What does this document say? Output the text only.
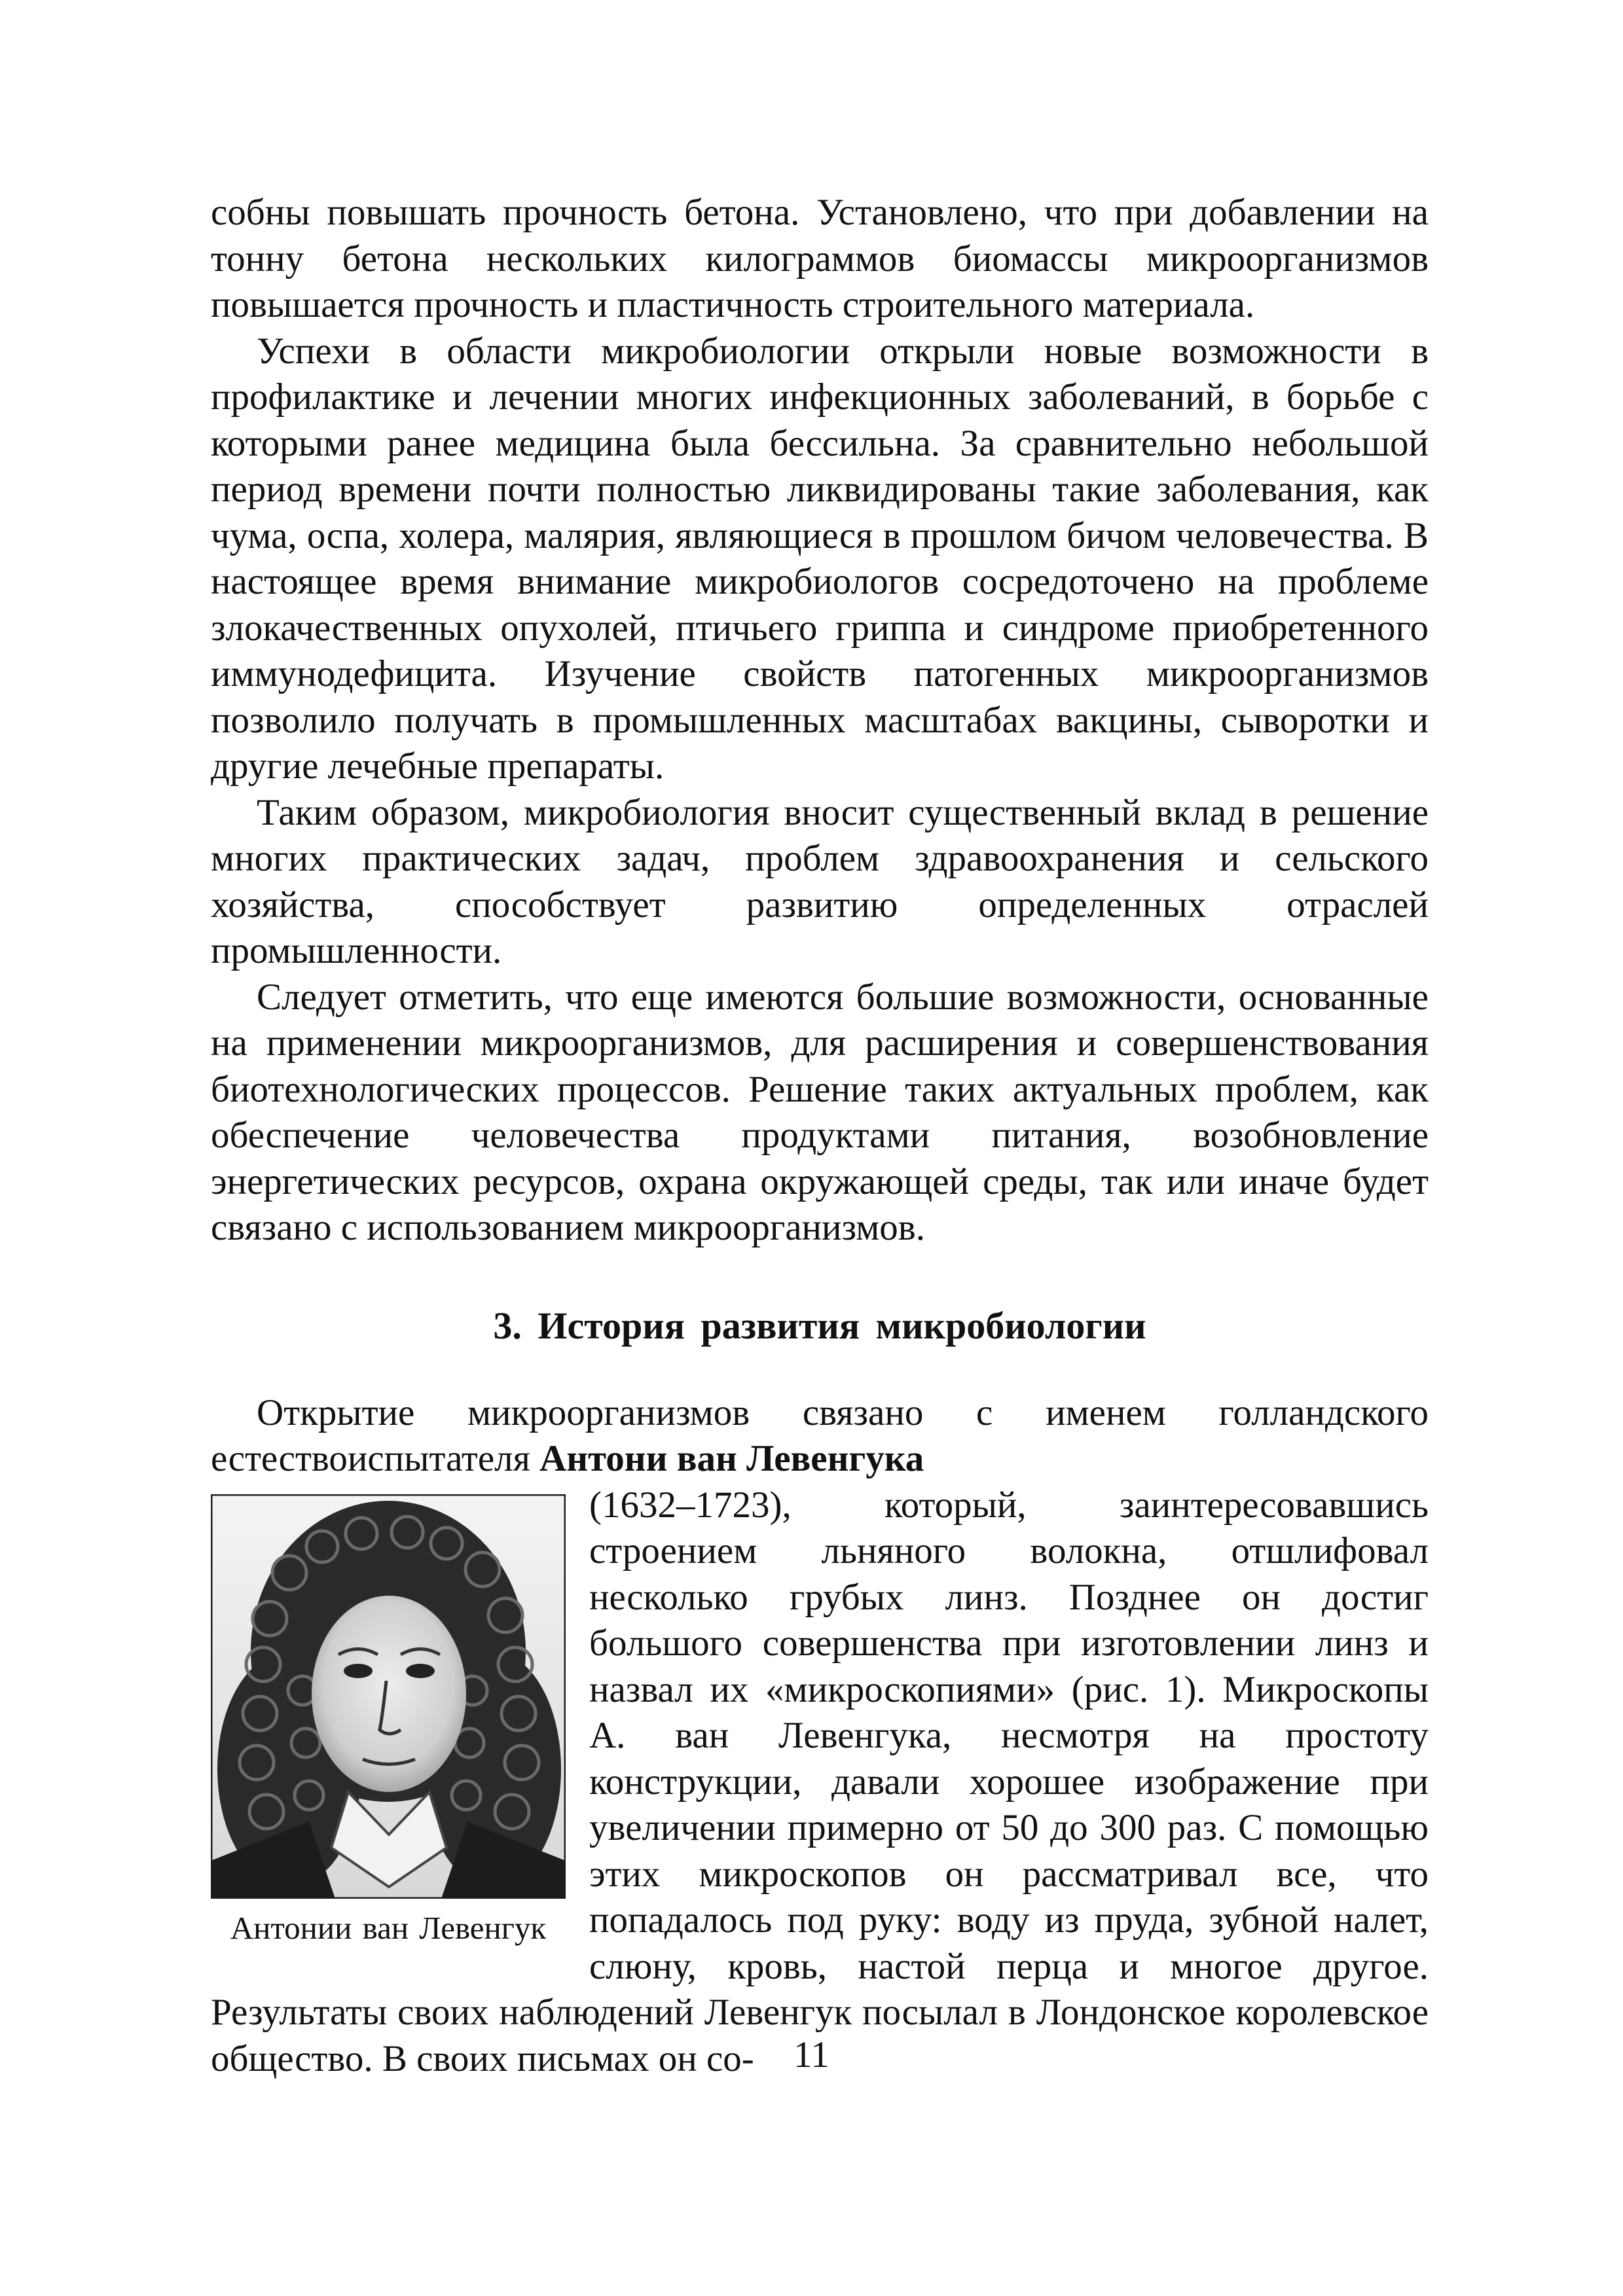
собны повышать прочность бетона. Установлено, что при добавлении на тонну бетона нескольких килограммов биомассы микроорганизмов повышается прочность и пластичность строительного материала.

Успехи в области микробиологии открыли новые возможности в профилактике и лечении многих инфекционных заболеваний, в борьбе с которыми ранее медицина была бессильна. За сравнительно небольшой период времени почти полностью ликвидированы такие заболевания, как чума, оспа, холера, малярия, являющиеся в прошлом бичом человечества. В настоящее время внимание микробиологов сосредоточено на проблеме злокачественных опухолей, птичьего гриппа и синдроме приобретенного иммунодефицита. Изучение свойств патогенных микроорганизмов позволило получать в промышленных масштабах вакцины, сыворотки и другие лечебные препараты.

Таким образом, микробиология вносит существенный вклад в решение многих практических задач, проблем здравоохранения и сельского хозяйства, способствует развитию определенных отраслей промышленности.

Следует отметить, что еще имеются большие возможности, основанные на применении микроорганизмов, для расширения и совершенствования биотехнологических процессов. Решение таких актуальных проблем, как обеспечение человечества продуктами питания, возобновление энергетических ресурсов, охрана окружающей среды, так или иначе будет связано с использованием микроорганизмов.

3. История развития микробиологии

Открытие микроорганизмов связано с именем голландского естествоиспытателя Антони ван Левенгука

Антонии ван Левенгук

(1632–1723), который, заинтересовавшись строением льняного волокна, отшлифовал несколько грубых линз. Позднее он достиг большого совершенства при изготовлении линз и назвал их «микроскопиями» (рис. 1). Микроскопы А. ван Левенгука, несмотря на простоту конструкции, давали хорошее изображение при увеличении примерно от 50 до 300 раз. С помощью этих микроскопов он рассматривал все, что попадалось под руку: воду из пруда, зубной налет, слюну, кровь, настой перца и многое другое. Результаты своих наблюдений Левенгук посылал в Лондонское королевское общество. В своих письмах он со-	11
